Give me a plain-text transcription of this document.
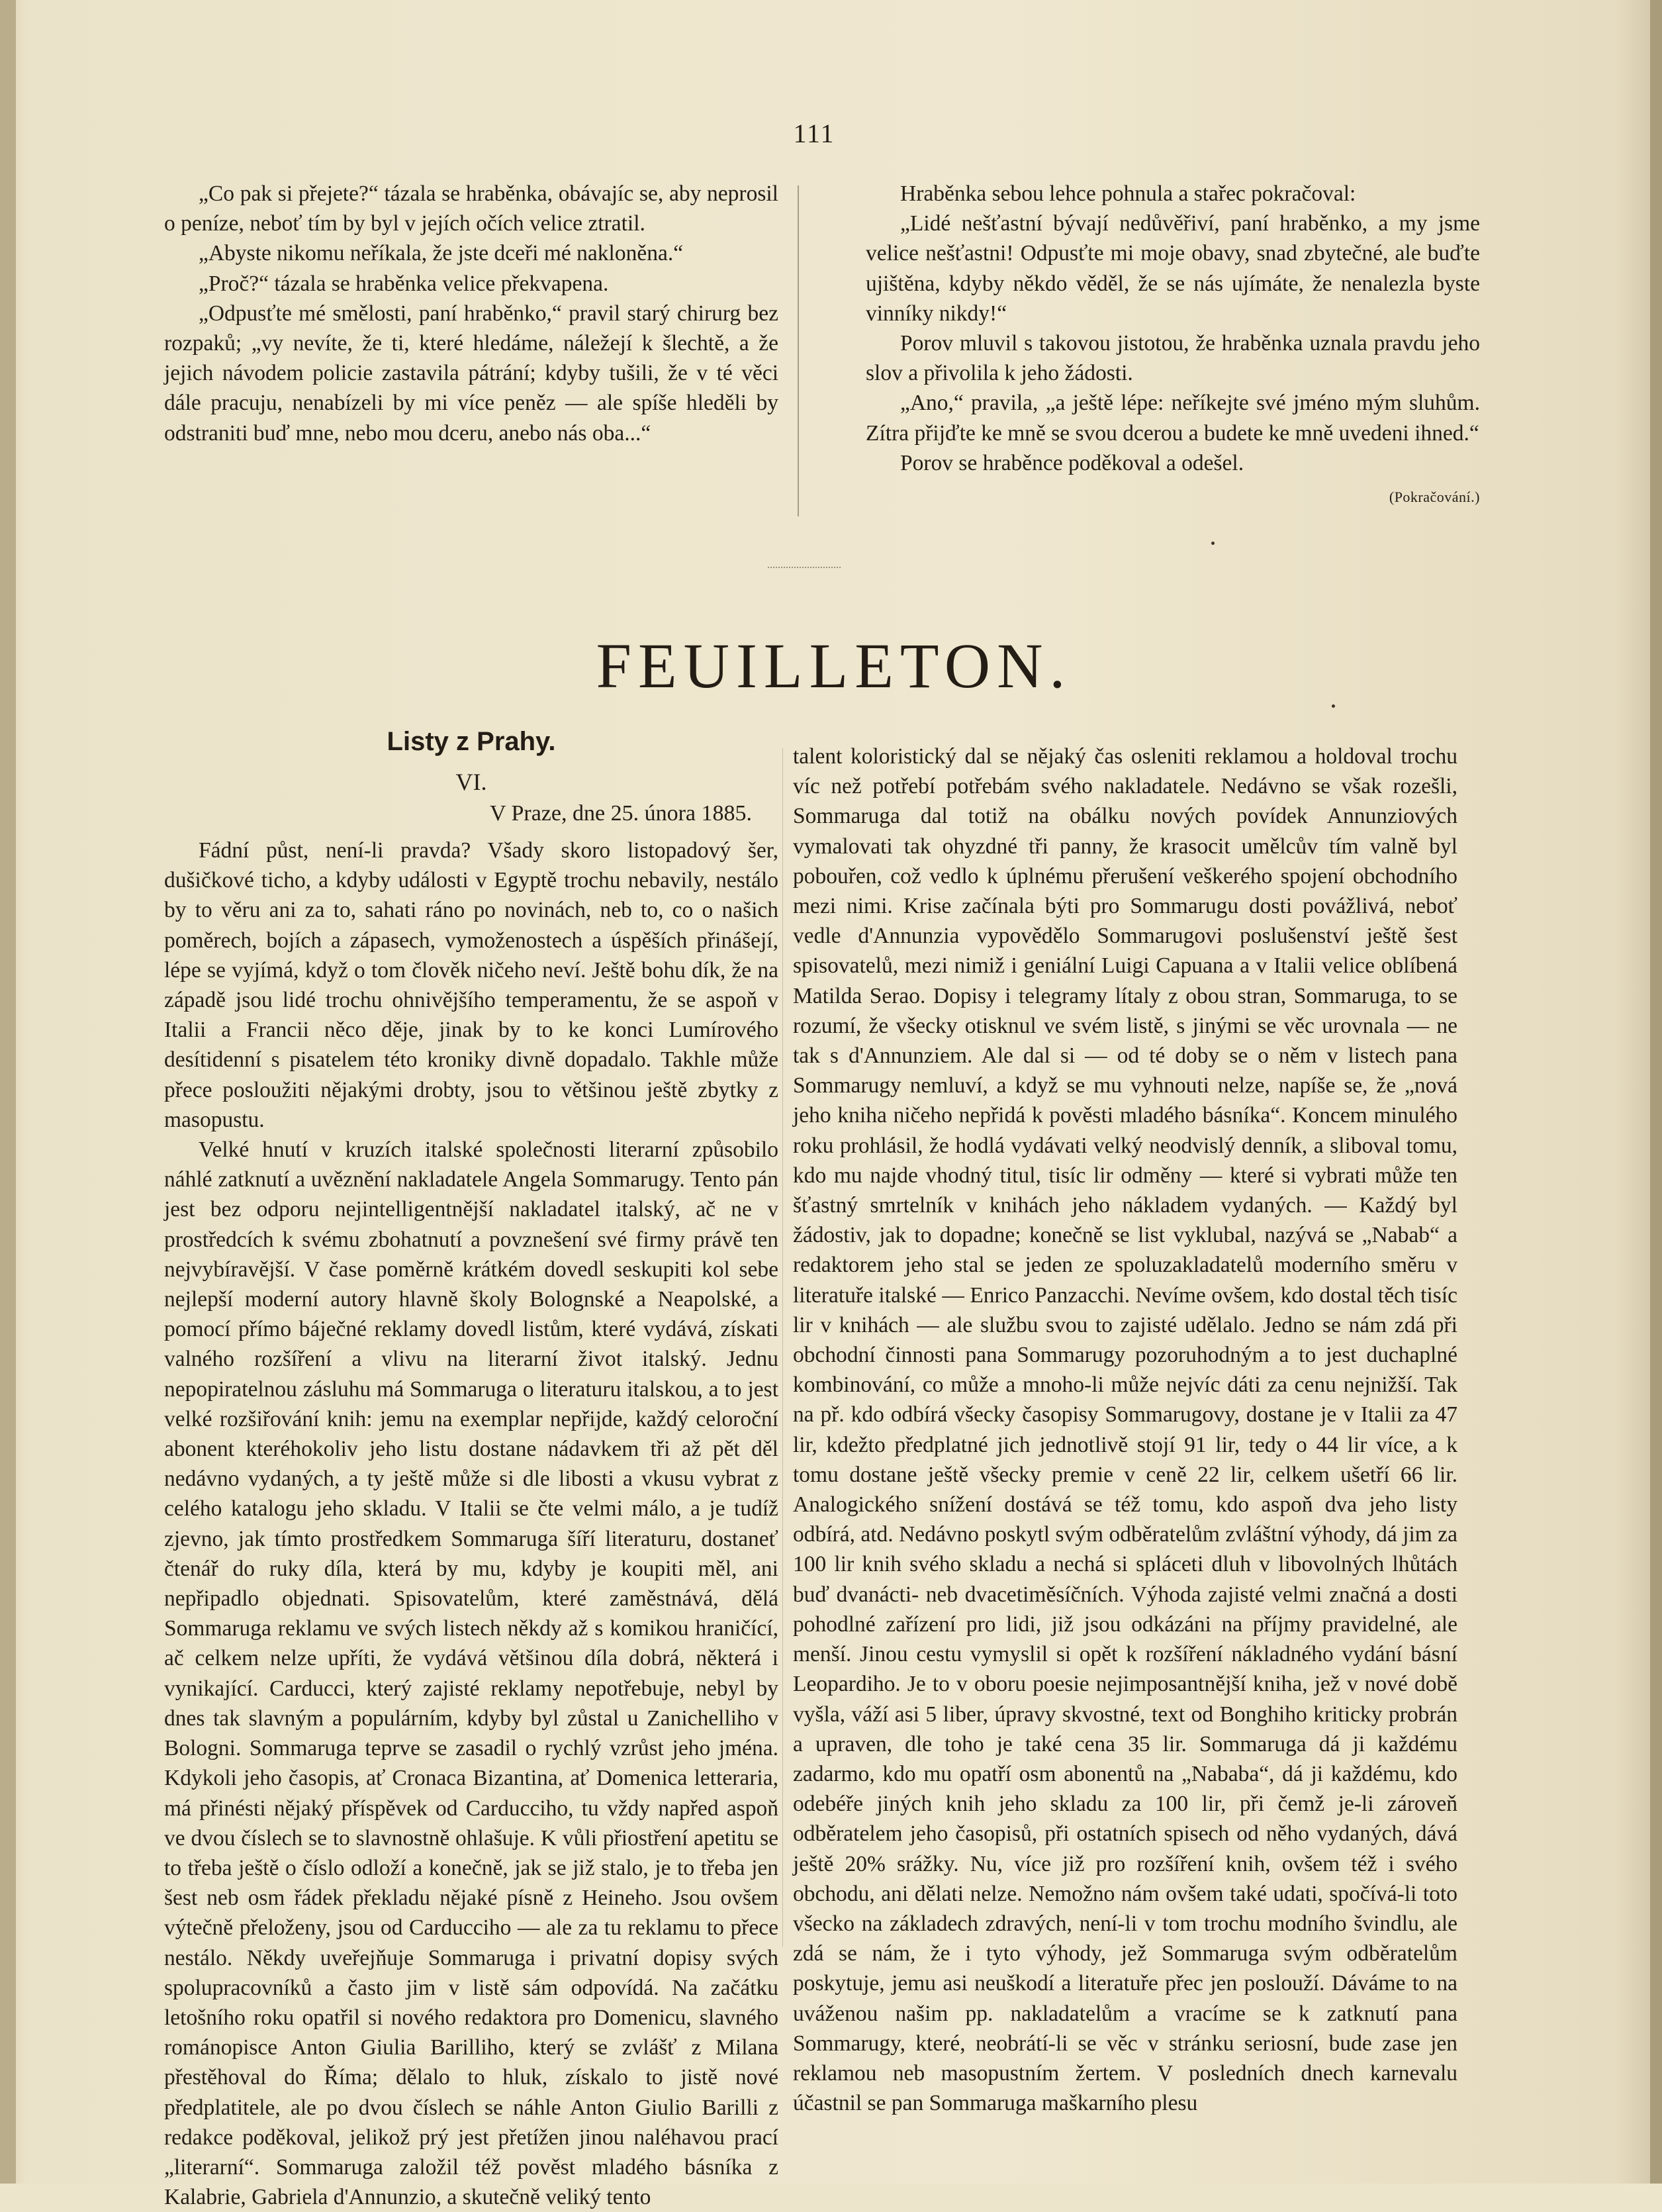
111

„Co pak si přejete?“ tázala se hraběnka, obávajíc se, aby neprosil o peníze, neboť tím by byl v jejích očích velice ztratil.

„Abyste nikomu neříkala, že jste dceři mé nakloněna.“

„Proč?“ tázala se hraběnka velice překvapena.

„Odpusťte mé smělosti, paní hraběnko,“ pravil starý chirurg bez rozpaků; „vy nevíte, že ti, které hledáme, náležejí k šlechtě, a že jejich návodem policie zastavila pátrání; kdyby tušili, že v té věci dále pracuju, nenabízeli by mi více peněz — ale spíše hleděli by odstraniti buď mne, nebo mou dceru, anebo nás oba...“

Hraběnka sebou lehce pohnula a stařec pokračoval:

„Lidé nešťastní bývají nedůvěřiví, paní hraběnko, a my jsme velice nešťastni! Odpusťte mi moje obavy, snad zbytečné, ale buďte ujištěna, kdyby někdo věděl, že se nás ujímáte, že nenalezla byste vinníky nikdy!“

Porov mluvil s takovou jistotou, že hraběnka uznala pravdu jeho slov a přivolila k jeho žádosti.

„Ano,“ pravila, „a ještě lépe: neříkejte své jméno mým sluhům. Zítra přijďte ke mně se svou dcerou a budete ke mně uvedeni ihned.“

Porov se hraběnce poděkoval a odešel.

(Pokračování.)
FEUILLETON.
Listy z Prahy.
VI.
V Praze, dne 25. února 1885.

Fádní půst, není-li pravda? Všady skoro listopadový šer, dušičkové ticho, a kdyby události v Egyptě trochu nebavily, nestálo by to věru ani za to, sahati ráno po novinách, neb to, co o našich poměrech, bojích a zápasech, vymoženostech a úspěších přinášejí, lépe se vyjímá, když o tom člověk ničeho neví. Ještě bohu dík, že na západě jsou lidé trochu ohnivějšího temperamentu, že se aspoň v Italii a Francii něco děje, jinak by to ke konci Lumírového desítidenní s pisatelem této kroniky divně dopadalo. Takhle může přece posloužiti nějakými drobty, jsou to většinou ještě zbytky z masopustu.

Velké hnutí v kruzích italské společnosti literarní způsobilo náhlé zatknutí a uvěznění nakladatele Angela Sommarugy. Tento pán jest bez odporu nejintelligentnější nakladatel italský, ač ne v prostředcích k svému zbohatnutí a povznešení své firmy právě ten nejvybíravější. V čase poměrně krátkém dovedl seskupiti kol sebe nejlepší moderní autory hlavně školy Bolognské a Neapolské, a pomocí přímo báječné reklamy dovedl listům, které vydává, získati valného rozšíření a vlivu na literarní život italský. Jednu nepopiratelnou zásluhu má Sommaruga o literaturu italskou, a to jest velké rozšiřování knih: jemu na exemplar nepřijde, každý celoroční abonent kteréhokoliv jeho listu dostane nádavkem tři až pět děl nedávno vydaných, a ty ještě může si dle libosti a vkusu vybrat z celého katalogu jeho skladu. V Italii se čte velmi málo, a je tudíž zjevno, jak tímto prostředkem Sommaruga šíří literaturu, dostaneť čtenář do ruky díla, která by mu, kdyby je koupiti měl, ani nepřipadlo objednati. Spisovatelům, které zaměstnává, dělá Sommaruga reklamu ve svých listech někdy až s komikou hraničící, ač celkem nelze upříti, že vydává většinou díla dobrá, některá i vynikající. Carducci, který zajisté reklamy nepotřebuje, nebyl by dnes tak slavným a populárním, kdyby byl zůstal u Zanichelliho v Bologni. Sommaruga teprve se zasadil o rychlý vzrůst jeho jména. Kdykoli jeho časopis, ať Cronaca Bizantina, ať Domenica letteraria, má přinésti nějaký příspěvek od Carducciho, tu vždy napřed aspoň ve dvou číslech se to slavnostně ohlašuje. K vůli přiostření apetitu se to třeba ještě o číslo odloží a konečně, jak se již stalo, je to třeba jen šest neb osm řádek překladu nějaké písně z Heineho. Jsou ovšem výtečně přeloženy, jsou od Carducciho — ale za tu reklamu to přece nestálo. Někdy uveřejňuje Sommaruga i privatní dopisy svých spolupracovníků a často jim v listě sám odpovídá. Na začátku letošního roku opatřil si nového redaktora pro Domenicu, slavného románopisce Anton Giulia Barilliho, který se zvlášť z Milana přestěhoval do Říma; dělalo to hluk, získalo to jistě nové předplatitele, ale po dvou číslech se náhle Anton Giulio Barilli z redakce poděkoval, jelikož prý jest přetížen jinou naléhavou prací „literarní“. Sommaruga založil též pověst mladého básníka z Kalabrie, Gabriela d'Annunzio, a skutečně veliký tento

talent koloristický dal se nějaký čas osleniti reklamou a holdoval trochu víc než potřebí potřebám svého nakladatele. Nedávno se však rozešli, Sommaruga dal totiž na obálku nových povídek Annunziových vymalovati tak ohyzdné tři panny, že krasocit umělcův tím valně byl pobouřen, což vedlo k úplnému přerušení veškerého spojení obchodního mezi nimi. Krise začínala býti pro Sommarugu dosti povážlivá, neboť vedle d'Annunzia vypovědělo Sommarugovi poslušenství ještě šest spisovatelů, mezi nimiž i geniální Luigi Capuana a v Italii velice oblíbená Matilda Serao. Dopisy i telegramy lítaly z obou stran, Sommaruga, to se rozumí, že všecky otisknul ve svém listě, s jinými se věc urovnala — ne tak s d'Annunziem. Ale dal si — od té doby se o něm v listech pana Sommarugy nemluví, a když se mu vyhnouti nelze, napíše se, že „nová jeho kniha ničeho nepřidá k pověsti mladého básníka“. Koncem minulého roku prohlásil, že hodlá vydávati velký neodvislý denník, a sliboval tomu, kdo mu najde vhodný titul, tisíc lir odměny — které si vybrati může ten šťastný smrtelník v knihách jeho nákladem vydaných. — Každý byl žádostiv, jak to dopadne; konečně se list vyklubal, nazývá se „Nabab“ a redaktorem jeho stal se jeden ze spoluzakladatelů moderního směru v literatuře italské — Enrico Panzacchi. Nevíme ovšem, kdo dostal těch tisíc lir v knihách — ale službu svou to zajisté udělalo. Jedno se nám zdá při obchodní činnosti pana Sommarugy pozoruhodným a to jest duchaplné kombinování, co může a mnoho-li může nejvíc dáti za cenu nejnižší. Tak na př. kdo odbírá všecky časopisy Sommarugovy, dostane je v Italii za 47 lir, kdežto předplatné jich jednotlivě stojí 91 lir, tedy o 44 lir více, a k tomu dostane ještě všecky premie v ceně 22 lir, celkem ušetří 66 lir. Analogického snížení dostává se též tomu, kdo aspoň dva jeho listy odbírá, atd. Nedávno poskytl svým odběratelům zvláštní výhody, dá jim za 100 lir knih svého skladu a nechá si spláceti dluh v libovolných lhůtách buď dvanácti- neb dvacetiměsíčních. Výhoda zajisté velmi značná a dosti pohodlné zařízení pro lidi, již jsou odkázáni na příjmy pravidelné, ale menší. Jinou cestu vymyslil si opět k rozšíření nákladného vydání básní Leopardiho. Je to v oboru poesie nejimposantnější kniha, jež v nové době vyšla, váží asi 5 liber, úpravy skvostné, text od Bonghiho kriticky probrán a upraven, dle toho je také cena 35 lir. Sommaruga dá ji každému zadarmo, kdo mu opatří osm abonentů na „Nababa“, dá ji každému, kdo odebéře jiných knih jeho skladu za 100 lir, při čemž je-li zároveň odběratelem jeho časopisů, při ostatních spisech od něho vydaných, dává ještě 20% srážky. Nu, více již pro rozšíření knih, ovšem též i svého obchodu, ani dělati nelze. Nemožno nám ovšem také udati, spočívá-li toto všecko na základech zdravých, není-li v tom trochu modního švindlu, ale zdá se nám, že i tyto výhody, jež Sommaruga svým odběratelům poskytuje, jemu asi neuškodí a literatuře přec jen poslouží. Dáváme to na uváženou našim pp. nakladatelům a vracíme se k zatknutí pana Sommarugy, které, neobrátí-li se věc v stránku seriosní, bude zase jen reklamou neb masopustním žertem. V posledních dnech karnevalu účastnil se pan Sommaruga maškarního plesu
